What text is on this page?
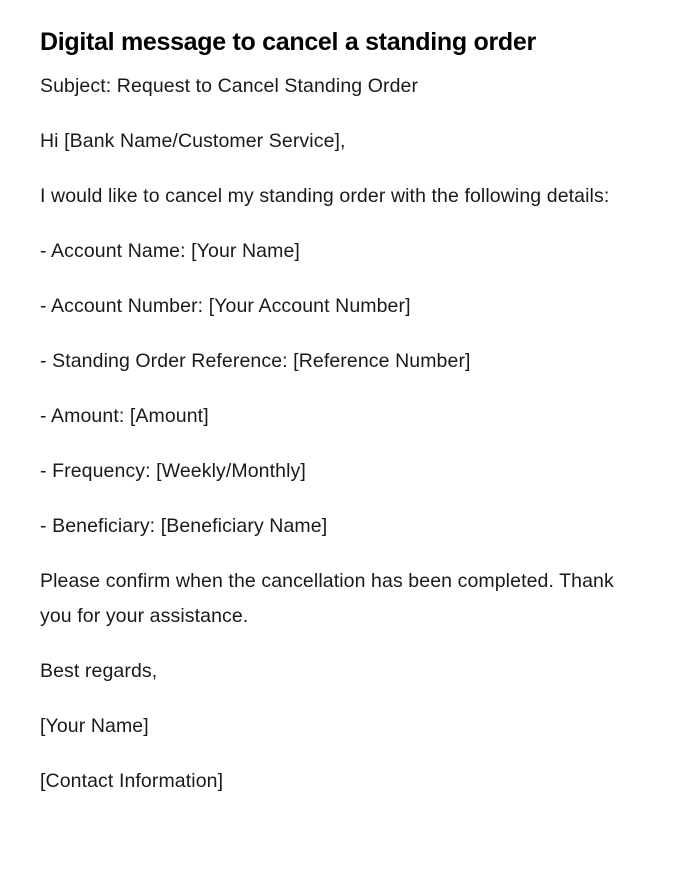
Digital message to cancel a standing order

Subject: Request to Cancel Standing Order

Hi [Bank Name/Customer Service],

I would like to cancel my standing order with the following details:

- Account Name: [Your Name]

- Account Number: [Your Account Number]

- Standing Order Reference: [Reference Number]

- Amount: [Amount]

- Frequency: [Weekly/Monthly]

- Beneficiary: [Beneficiary Name]

Please confirm when the cancellation has been completed. Thank you for your assistance.

Best regards,

[Your Name]

[Contact Information]
